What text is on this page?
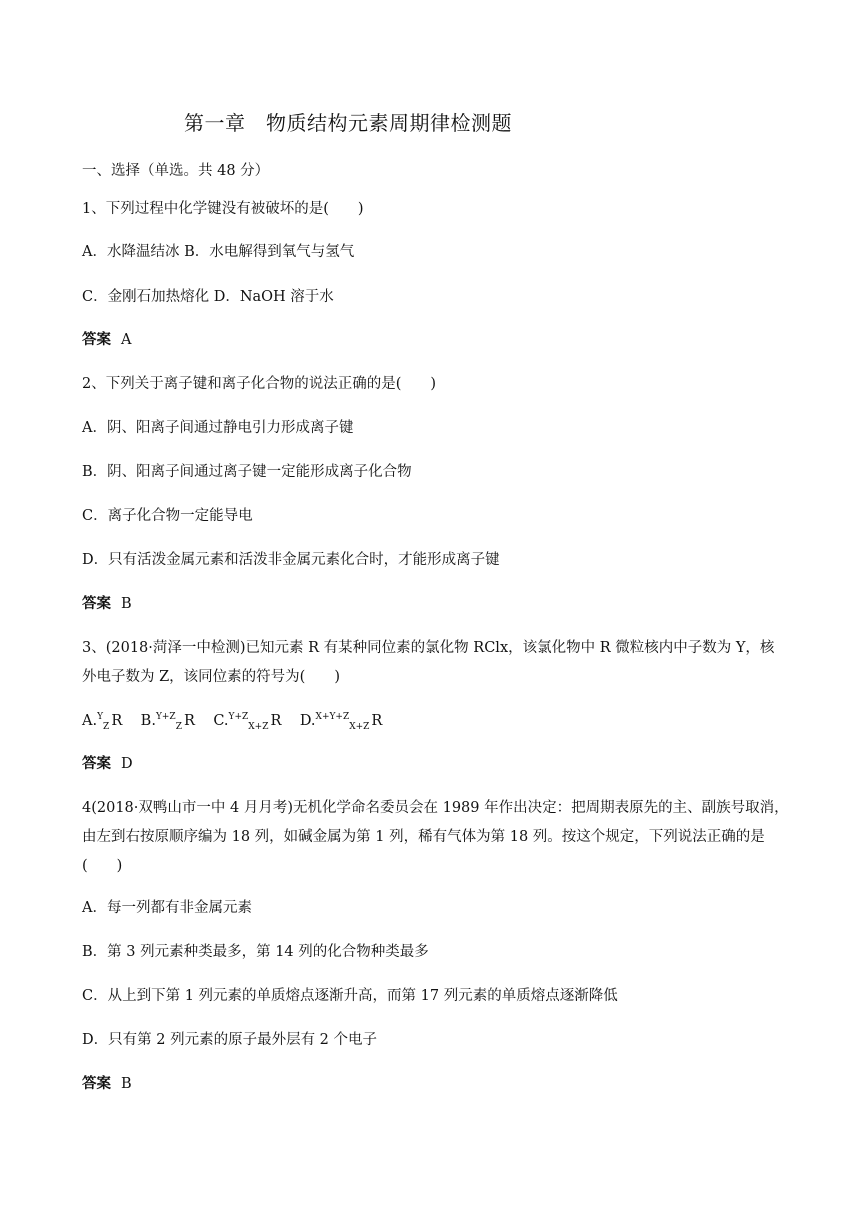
第一章　物质结构元素周期律检测题
一、选择（单选。共 48 分）
1、下列过程中化学键没有被破坏的是(　　)
A．水降温结冰 B．水电解得到氧气与氢气
C．金刚石加热熔化 D．NaOH 溶于水
答案 A
2、下列关于离子键和离子化合物的说法正确的是(　　)
A．阴、阳离子间通过静电引力形成离子键
B．阴、阳离子间通过离子键一定能形成离子化合物
C．离子化合物一定能导电
D．只有活泼金属元素和活泼非金属元素化合时，才能形成离子键
答案 B
3、(2018·菏泽一中检测)已知元素 R 有某种同位素的氯化物 RClx，该氯化物中 R 微粒核内中子数为 Y，核
外电子数为 Z，该同位素的符号为(　　)
A.$^Y_Z$ R B.$^{Y+Z}_Z$ R C.$^{Y+Z}_{X+Z}$ R D.$^{X+Y+Z}_{X+Z}$ R
答案 D
4(2018·双鸭山市一中 4 月月考)无机化学命名委员会在 1989 年作出决定：把周期表原先的主、副族号取消，
由左到右按原顺序编为 18 列，如碱金属为第 1 列，稀有气体为第 18 列。按这个规定，下列说法正确的是
(　　)
A．每一列都有非金属元素
B．第 3 列元素种类最多，第 14 列的化合物种类最多
C．从上到下第 1 列元素的单质熔点逐渐升高，而第 17 列元素的单质熔点逐渐降低
D．只有第 2 列元素的原子最外层有 2 个电子
答案 B
